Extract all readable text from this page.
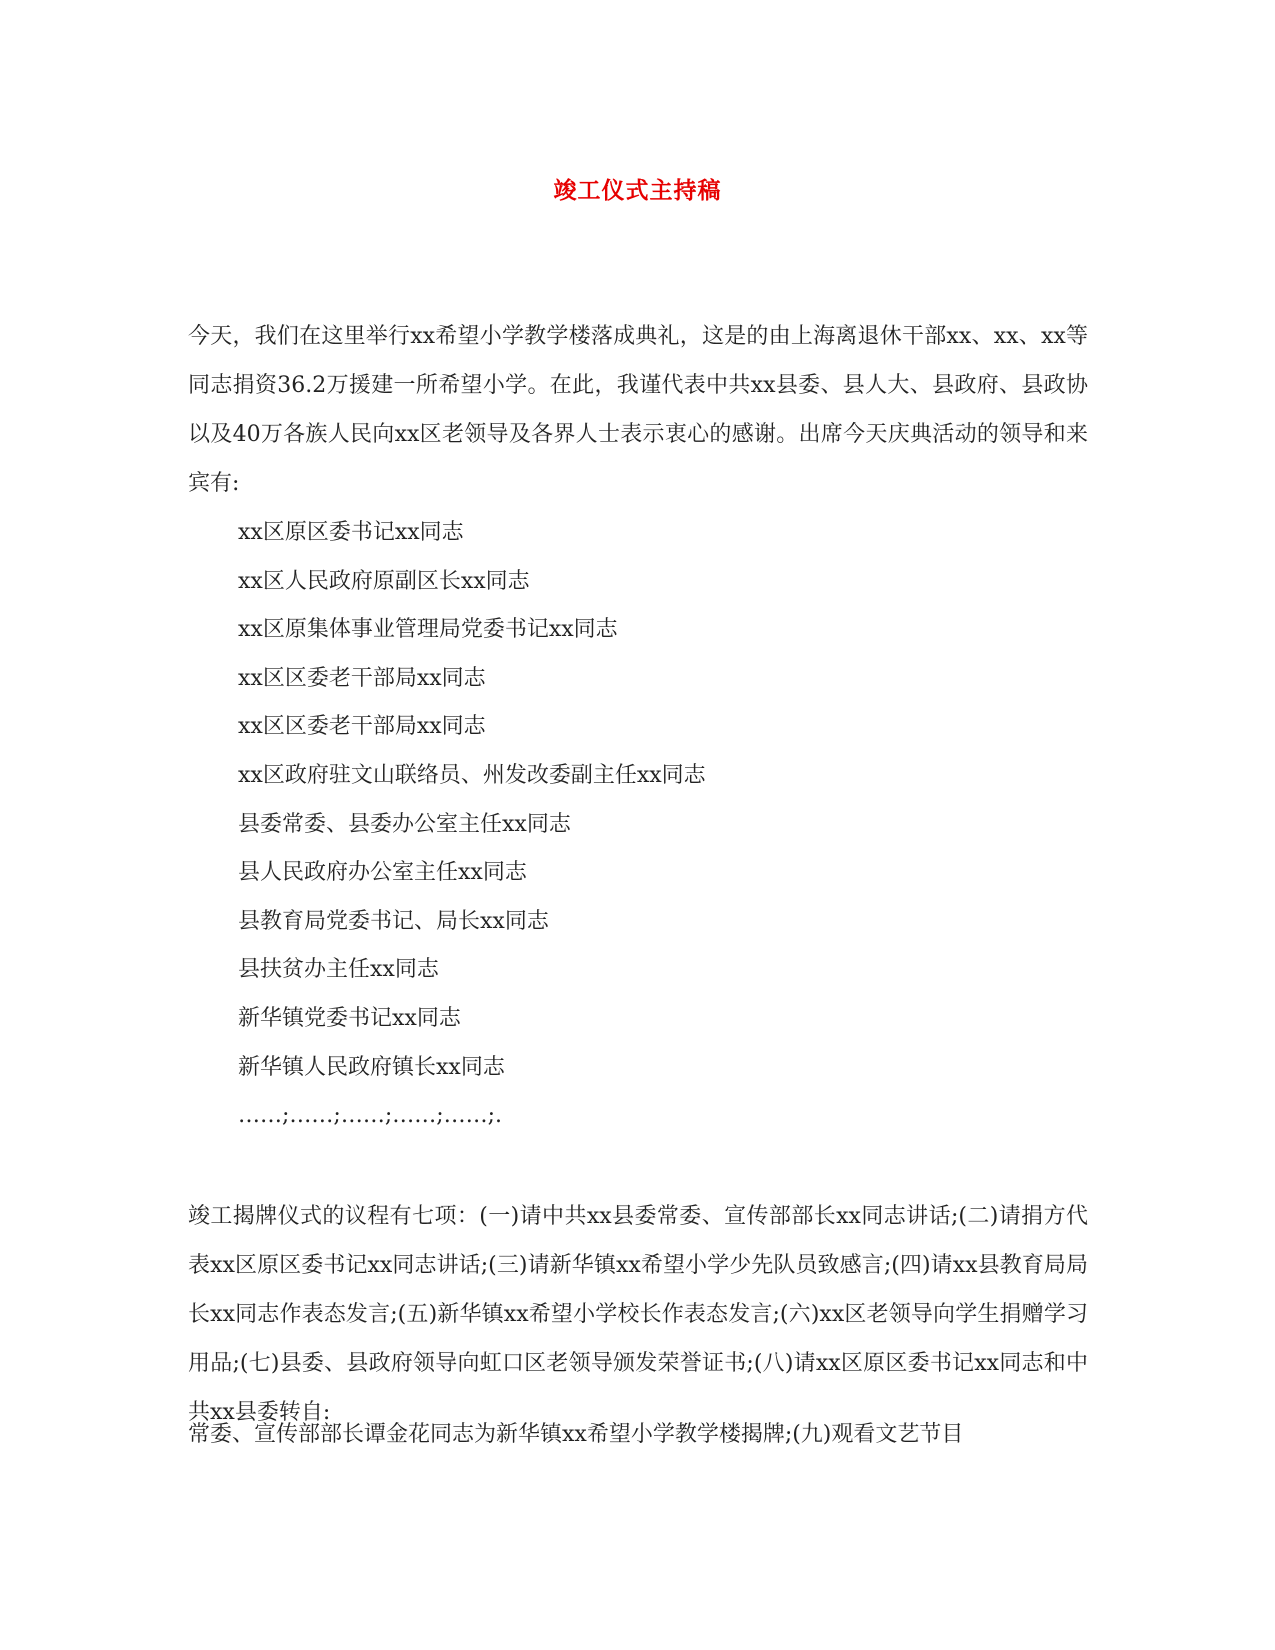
竣工仪式主持稿
今天，我们在这里举行xx希望小学教学楼落成典礼，这是的由上海离退休干部xx、xx、xx等同志捐资36.2万援建一所希望小学。在此，我谨代表中共xx县委、县人大、县政府、县政协以及40万各族人民向xx区老领导及各界人士表示衷心的感谢。出席今天庆典活动的领导和来宾有:
xx区原区委书记xx同志
xx区人民政府原副区长xx同志
xx区原集体事业管理局党委书记xx同志
xx区区委老干部局xx同志
xx区区委老干部局xx同志
xx区政府驻文山联络员、州发改委副主任xx同志
县委常委、县委办公室主任xx同志
县人民政府办公室主任xx同志
县教育局党委书记、局长xx同志
县扶贫办主任xx同志
新华镇党委书记xx同志
新华镇人民政府镇长xx同志
……;……;……;……;……;.
竣工揭牌仪式的议程有七项：(一)请中共xx县委常委、宣传部部长xx同志讲话;(二)请捐方代表xx区原区委书记xx同志讲话;(三)请新华镇xx希望小学少先队员致感言;(四)请xx县教育局局长xx同志作表态发言;(五)新华镇xx希望小学校长作表态发言;(六)xx区老领导向学生捐赠学习用品;(七)县委、县政府领导向虹口区老领导颁发荣誉证书;(八)请xx区原区委书记xx同志和中共xx县委转自:
常委、宣传部部长谭金花同志为新华镇xx希望小学教学楼揭牌;(九)观看文艺节目
